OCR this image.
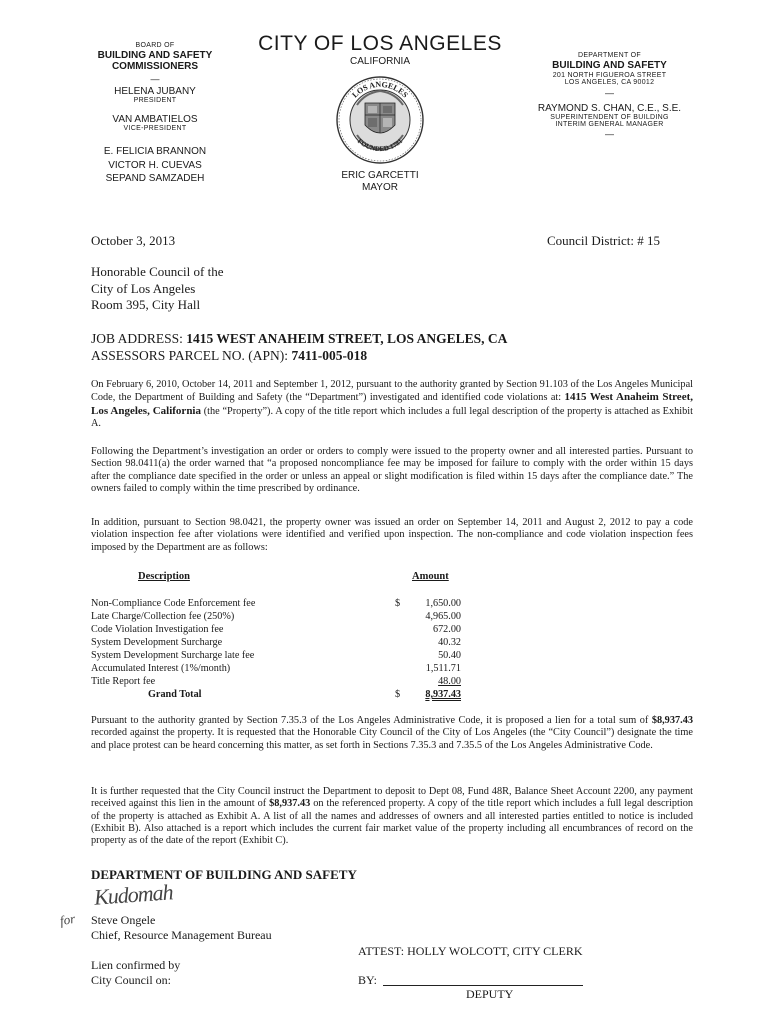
BOARD OF
BUILDING AND SAFETY
COMMISSIONERS
—
HELENA JUBANY
PRESIDENT
VAN AMBATIELOS
VICE-PRESIDENT
E. FELICIA BRANNON
VICTOR H. CUEVAS
SEPAND SAMZADEH
CITY OF LOS ANGELES
CALIFORNIA
LOS ANGELES
FOUNDED 1781
ERIC GARCETTI
MAYOR
DEPARTMENT OF
BUILDING AND SAFETY
201 NORTH FIGUEROA STREET
LOS ANGELES, CA 90012
—
RAYMOND S. CHAN, C.E., S.E.
SUPERINTENDENT OF BUILDING
INTERIM GENERAL MANAGER
—
October 3, 2013	Council District: # 15
Honorable Council of the
City of Los Angeles
Room 395, City Hall
JOB ADDRESS: 1415 WEST ANAHEIM STREET, LOS ANGELES, CA
ASSESSORS PARCEL NO. (APN): 7411-005-018
On February 6, 2010, October 14, 2011 and September 1, 2012, pursuant to the authority granted by Section 91.103 of the Los Angeles Municipal Code, the Department of Building and Safety (the “Department”) investigated and identified code violations at: 1415 West Anaheim Street, Los Angeles, California (the “Property”). A copy of the title report which includes a full legal description of the property is attached as Exhibit A.
Following the Department’s investigation an order or orders to comply were issued to the property owner and all interested parties. Pursuant to Section 98.0411(a) the order warned that “a proposed noncompliance fee may be imposed for failure to comply with the order within 15 days after the compliance date specified in the order or unless an appeal or slight modification is filed within 15 days after the compliance date.” The owners failed to comply within the time prescribed by ordinance.
In addition, pursuant to Section 98.0421, the property owner was issued an order on September 14, 2011 and August 2, 2012 to pay a code violation inspection fee after violations were identified and verified upon inspection. The non-compliance and code violation inspection fees imposed by the Department are as follows:
Description	Amount
Non-Compliance Code Enforcement fee	$ 1,650.00
Late Charge/Collection fee (250%)	4,965.00
Code Violation Investigation fee	672.00
System Development Surcharge	40.32
System Development Surcharge late fee	50.40
Accumulated Interest (1%/month)	1,511.71
Title Report fee	48.00
Grand Total	$ 8,937.43
Pursuant to the authority granted by Section 7.35.3 of the Los Angeles Administrative Code, it is proposed a lien for a total sum of $8,937.43 recorded against the property. It is requested that the Honorable City Council of the City of Los Angeles (the “City Council”) designate the time and place protest can be heard concerning this matter, as set forth in Sections 7.35.3 and 7.35.5 of the Los Angeles Administrative Code.
It is further requested that the City Council instruct the Department to deposit to Dept 08, Fund 48R, Balance Sheet Account 2200, any payment received against this lien in the amount of $8,937.43 on the referenced property. A copy of the title report which includes a full legal description of the property is attached as Exhibit A. A list of all the names and addresses of owners and all interested parties entitled to notice is included (Exhibit B). Also attached is a report which includes the current fair market value of the property including all encumbrances of record on the property as of the date of the report (Exhibit C).
DEPARTMENT OF BUILDING AND SAFETY
Kudomah
for Steve Ongele
Chief, Resource Management Bureau
ATTEST: HOLLY WOLCOTT, CITY CLERK
Lien confirmed by
City Council on:	BY:
DEPUTY
